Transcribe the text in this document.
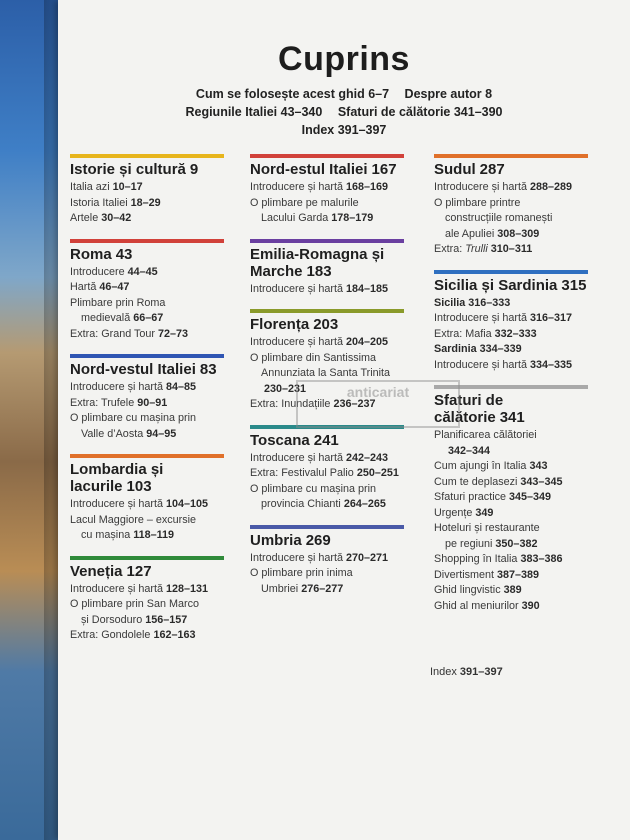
Cuprins
Cum se folosește acest ghid 6–7 Despre autor 8
Regiunile Italiei 43–340 Sfaturi de călătorie 341–390
Index 391–397
Istorie și cultură 9
Italia azi 10–17
Istoria Italiei 18–29
Artele 30–42
Roma 43
Introducere 44–45
Hartă 46–47
Plimbare prin Roma
medievală 66–67
Extra: Grand Tour 72–73
Nord-vestul Italiei 83
Introducere și hartă 84–85
Extra: Trufele 90–91
O plimbare cu mașina prin
Valle d’Aosta 94–95
Lombardia și lacurile 103
Introducere și hartă 104–105
Lacul Maggiore – excursie
cu mașina 118–119
Veneția 127
Introducere și hartă 128–131
O plimbare prin San Marco
și Dorsoduro 156–157
Extra: Gondolele 162–163
Nord-estul Italiei 167
Introducere și hartă 168–169
O plimbare pe malurile
Lacului Garda 178–179
Emilia-Romagna și Marche 183
Introducere și hartă 184–185
Florența 203
Introducere și hartă 204–205
O plimbare din Santissima
Annunziata la Santa Trinita
230–231
Extra: Inundațiile 236–237
Toscana 241
Introducere și hartă 242–243
Extra: Festivalul Palio 250–251
O plimbare cu mașina prin
provincia Chianti 264–265
Umbria 269
Introducere și hartă 270–271
O plimbare prin inima
Umbriei 276–277
Sudul 287
Introducere și hartă 288–289
O plimbare printre
construcțiile romanești
ale Apuliei 308–309
Extra: Trulli 310–311
Sicilia și Sardinia 315
Sicilia 316–333
Introducere și hartă 316–317
Extra: Mafia 332–333
Sardinia 334–339
Introducere și hartă 334–335
Sfaturi de călătorie 341
Planificarea călătoriei
342–344
Cum ajungi în Italia 343
Cum te deplasezi 343–345
Sfaturi practice 345–349
Urgențe 349
Hoteluri și restaurante
pe regiuni 350–382
Shopping în Italia 383–386
Divertisment 387–389
Ghid lingvistic 389
Ghid al meniurilor 390
anticariat
Index 391–397
